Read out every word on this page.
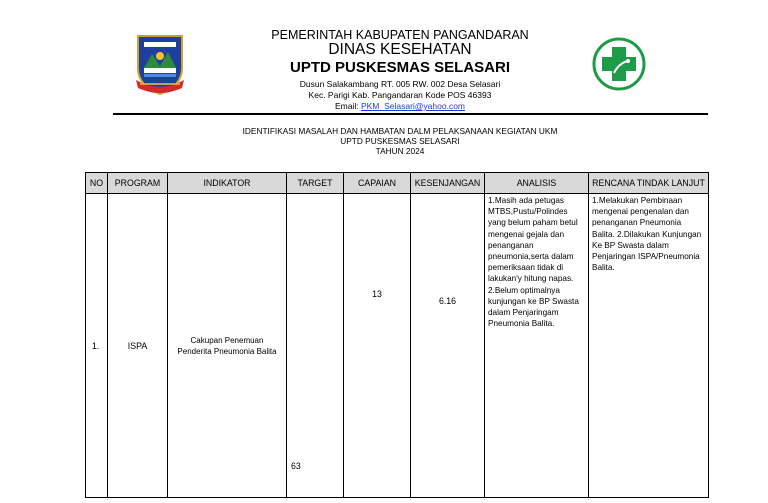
PEMERINTAH KABUPATEN PANGANDARAN
DINAS KESEHATAN
UPTD PUSKESMAS SELASARI
Dusun Salakambang RT. 005 RW. 002 Desa Selasari
Kec. Parigi Kab. Pangandaran Kode POS 46393
Email: PKM_Selasari@yahoo.com
IDENTIFIKASI MASALAH DAN HAMBATAN DALM PELAKSANAAN KEGIATAN UKM
UPTD PUSKESMAS SELASARI
TAHUN 2024
NO	PROGRAM	INDIKATOR	TARGET	CAPAIAN	KESENJANGAN	ANALISIS	RENCANA TINDAK LANJUT
1.	ISPA	Cakupan Penemuan Penderita Pneumonia Balita	63	13	6.16	1.Masih ada petugas MTBS,Pustu/Polindes yang belum paham betul mengenai gejala dan penanganan pneumonia,serta dalam pemeriksaan tidak di lakukan'y hitung napas. 2.Belum optimalnya kunjungan ke BP Swasta dalam Penjaringam Pneumonia Balita.	1.Melakukan Pembinaan mengenai pengenalan dan penanganan Pneumonia Balita. 2.Dilakukan Kunjungan Ke BP Swasta dalam Penjaringan ISPA/Pneumonia Balita.
